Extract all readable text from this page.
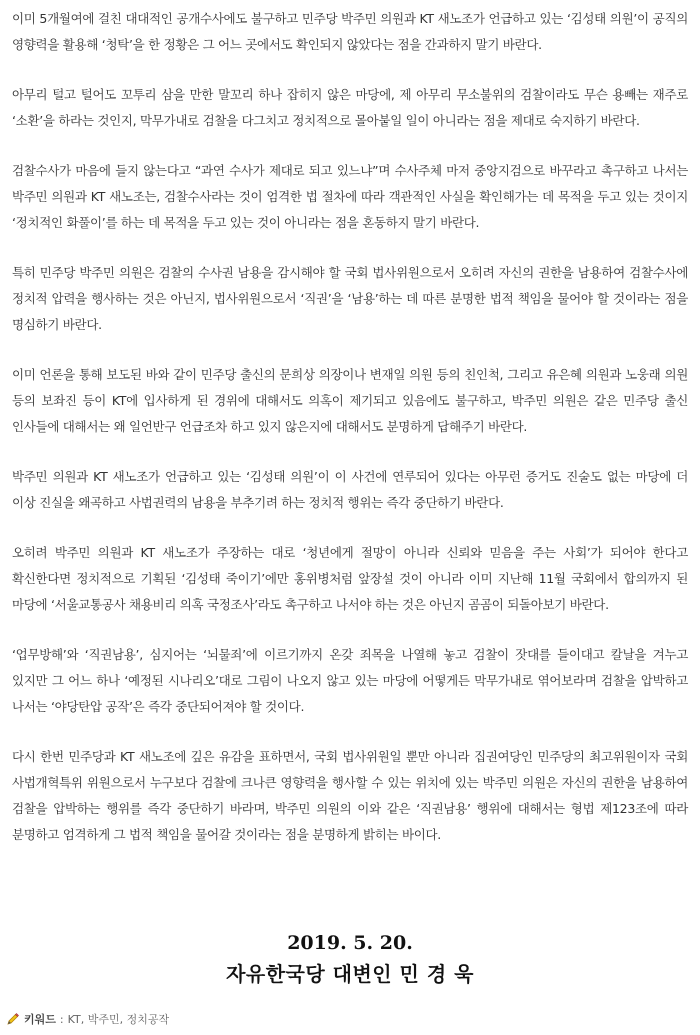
이미 5개월여에 걸친 대대적인 공개수사에도 불구하고 민주당 박주민 의원과 KT 새노조가 언급하고 있는 ‘김성태 의원’이 공직의 영향력을 활용해 ‘청탁’을 한 정황은 그 어느 곳에서도 확인되지 않았다는 점을 간과하지 말기 바란다.

아무리 털고 털어도 꼬투리 삼을 만한 말꼬리 하나 잡히지 않은 마당에, 제 아무리 무소불위의 검찰이라도 무슨 용빼는 재주로 ‘소환’을 하라는 것인지, 막무가내로 검찰을 다그치고 정치적으로 몰아붙일 일이 아니라는 점을 제대로 숙지하기 바란다.

검찰수사가 마음에 들지 않는다고 “과연 수사가 제대로 되고 있느냐”며 수사주체 마저 중앙지검으로 바꾸라고 촉구하고 나서는 박주민 의원과 KT 새노조는, 검찰수사라는 것이 엄격한 법 절차에 따라 객관적인 사실을 확인해가는 데 목적을 두고 있는 것이지 ‘정치적인 화풀이’를 하는 데 목적을 두고 있는 것이 아니라는 점을 혼동하지 말기 바란다.

특히 민주당 박주민 의원은 검찰의 수사권 남용을 감시해야 할 국회 법사위원으로서 오히려 자신의 권한을 남용하여 검찰수사에 정치적 압력을 행사하는 것은 아닌지, 법사위원으로서 ‘직권’을 ‘남용’하는 데 따른 분명한 법적 책임을 물어야 할 것이라는 점을 명심하기 바란다.

이미 언론을 통해 보도된 바와 같이 민주당 출신의 문희상 의장이나 변재일 의원 등의 친인척, 그리고 유은혜 의원과 노웅래 의원 등의 보좌진 등이 KT에 입사하게 된 경위에 대해서도 의혹이 제기되고 있음에도 불구하고, 박주민 의원은 같은 민주당 출신 인사들에 대해서는 왜 일언반구 언급조차 하고 있지 않은지에 대해서도 분명하게 답해주기 바란다.

박주민 의원과 KT 새노조가 언급하고 있는 ‘김성태 의원’이 이 사건에 연루되어 있다는 아무런 증거도 진술도 없는 마당에 더 이상 진실을 왜곡하고 사법권력의 남용을 부추기려 하는 정치적 행위는 즉각 중단하기 바란다.

오히려 박주민 의원과 KT 새노조가 주장하는 대로 ‘청년에게 절망이 아니라 신뢰와 믿음을 주는 사회’가 되어야 한다고 확신한다면 정치적으로 기획된 ‘김성태 죽이기’에만 홍위병처럼 앞장설 것이 아니라 이미 지난해 11월 국회에서 합의까지 된 마당에 ‘서울교통공사 채용비리 의혹 국정조사’라도 촉구하고 나서야 하는 것은 아닌지 곰곰이 되돌아보기 바란다.

‘업무방해’와 ‘직권남용’, 심지어는 ‘뇌물죄’에 이르기까지 온갖 죄목을 나열해 놓고 검찰이 잣대를 들이대고 칼날을 겨누고 있지만 그 어느 하나 ‘예정된 시나리오’대로 그림이 나오지 않고 있는 마당에 어떻게든 막무가내로 엮어보라며 검찰을 압박하고 나서는 ‘야당탄압 공작’은 즉각 중단되어져야 할 것이다.

다시 한번 민주당과 KT 새노조에 깊은 유감을 표하면서, 국회 법사위원일 뿐만 아니라 집권여당인 민주당의 최고위원이자 국회 사법개혁특위 위원으로서 누구보다 검찰에 크나큰 영향력을 행사할 수 있는 위치에 있는 박주민 의원은 자신의 권한을 남용하여 검찰을 압박하는 행위를 즉각 중단하기 바라며, 박주민 의원의 이와 같은 ‘직권남용’ 행위에 대해서는 형법 제123조에 따라 분명하고 엄격하게 그 법적 책임을 물어갈 것이라는 점을 분명하게 밝히는 바이다.

2019. 5. 20.
자유한국당 대변인 민 경 욱
키워드 : KT , 박주민 , 정치공작
